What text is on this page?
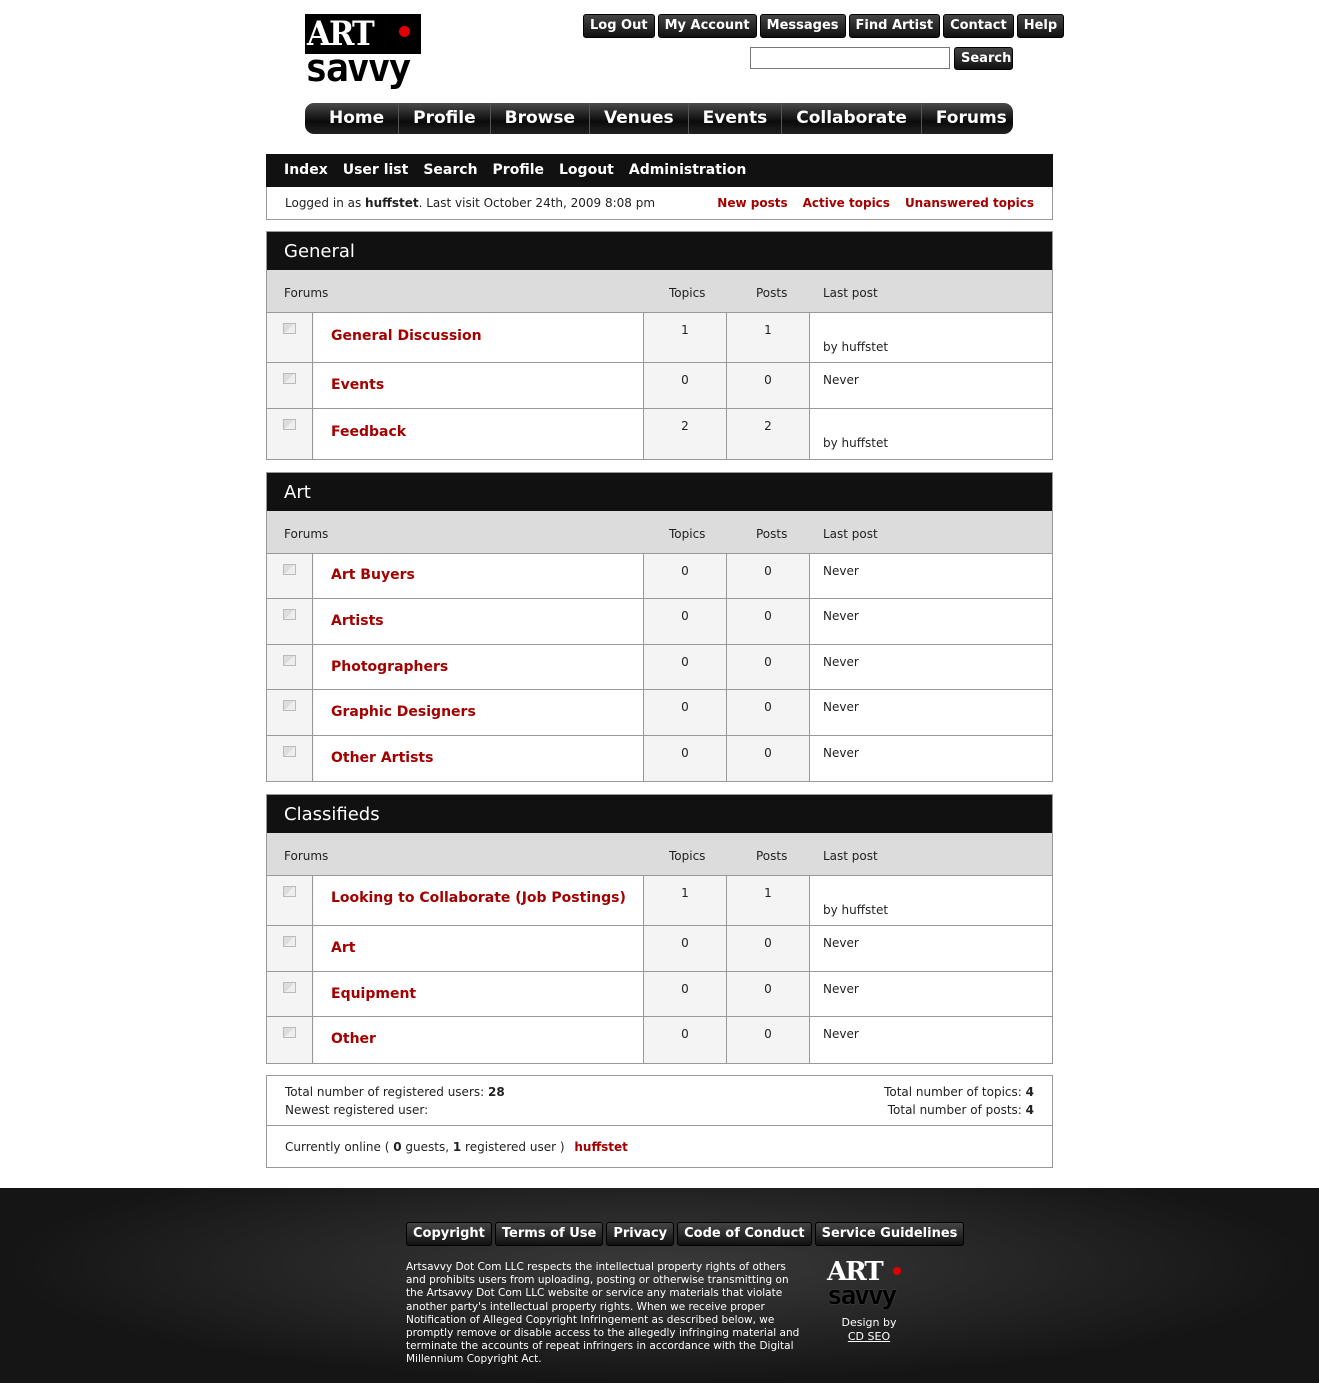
ART
savvy
Log Out	My Account	Messages	Find Artist	Contact	Help
Search
Home	Profile	Browse	Venues	Events	Collaborate	Forums
Index User list Search Profile Logout Administration
Logged in as huffstet. Last visit October 24th, 2009 8:08 pm	New posts Active topics Unanswered topics
General
Forums	Topics	Posts	Last post
General Discussion	1	1	October 21st, 2009 3:43 pm
by huffstet
Events	0	0	Never
Feedback	2	2	October 21st, 2009 7:11 pm
by huffstet
Art
Forums	Topics	Posts	Last post
Art Buyers	0	0	Never
Artists	0	0	Never
Photographers	0	0	Never
Graphic Designers	0	0	Never
Other Artists	0	0	Never
Classifieds
Forums	Topics	Posts	Last post
Looking to Collaborate (Job Postings)	1	1	October 22nd, 2009 2:54 pm
by huffstet
Art	0	0	Never
Equipment	0	0	Never
Other	0	0	Never
Total number of registered users: 28
Newest registered user:
Total number of topics: 4
Total number of posts: 4
Currently online ( 0 guests, 1 registered user ) huffstet
Copyright	Terms of Use	Privacy	Code of Conduct	Service Guidelines
Artsavvy Dot Com LLC respects the intellectual property rights of others and prohibits users from uploading, posting or otherwise transmitting on the Artsavvy Dot Com LLC website or service any materials that violate another party's intellectual property rights. When we receive proper Notification of Alleged Copyright Infringement as described below, we promptly remove or disable access to the allegedly infringing material and terminate the accounts of repeat infringers in accordance with the Digital Millennium Copyright Act.
ART
savvy
Design by
CD SEO
